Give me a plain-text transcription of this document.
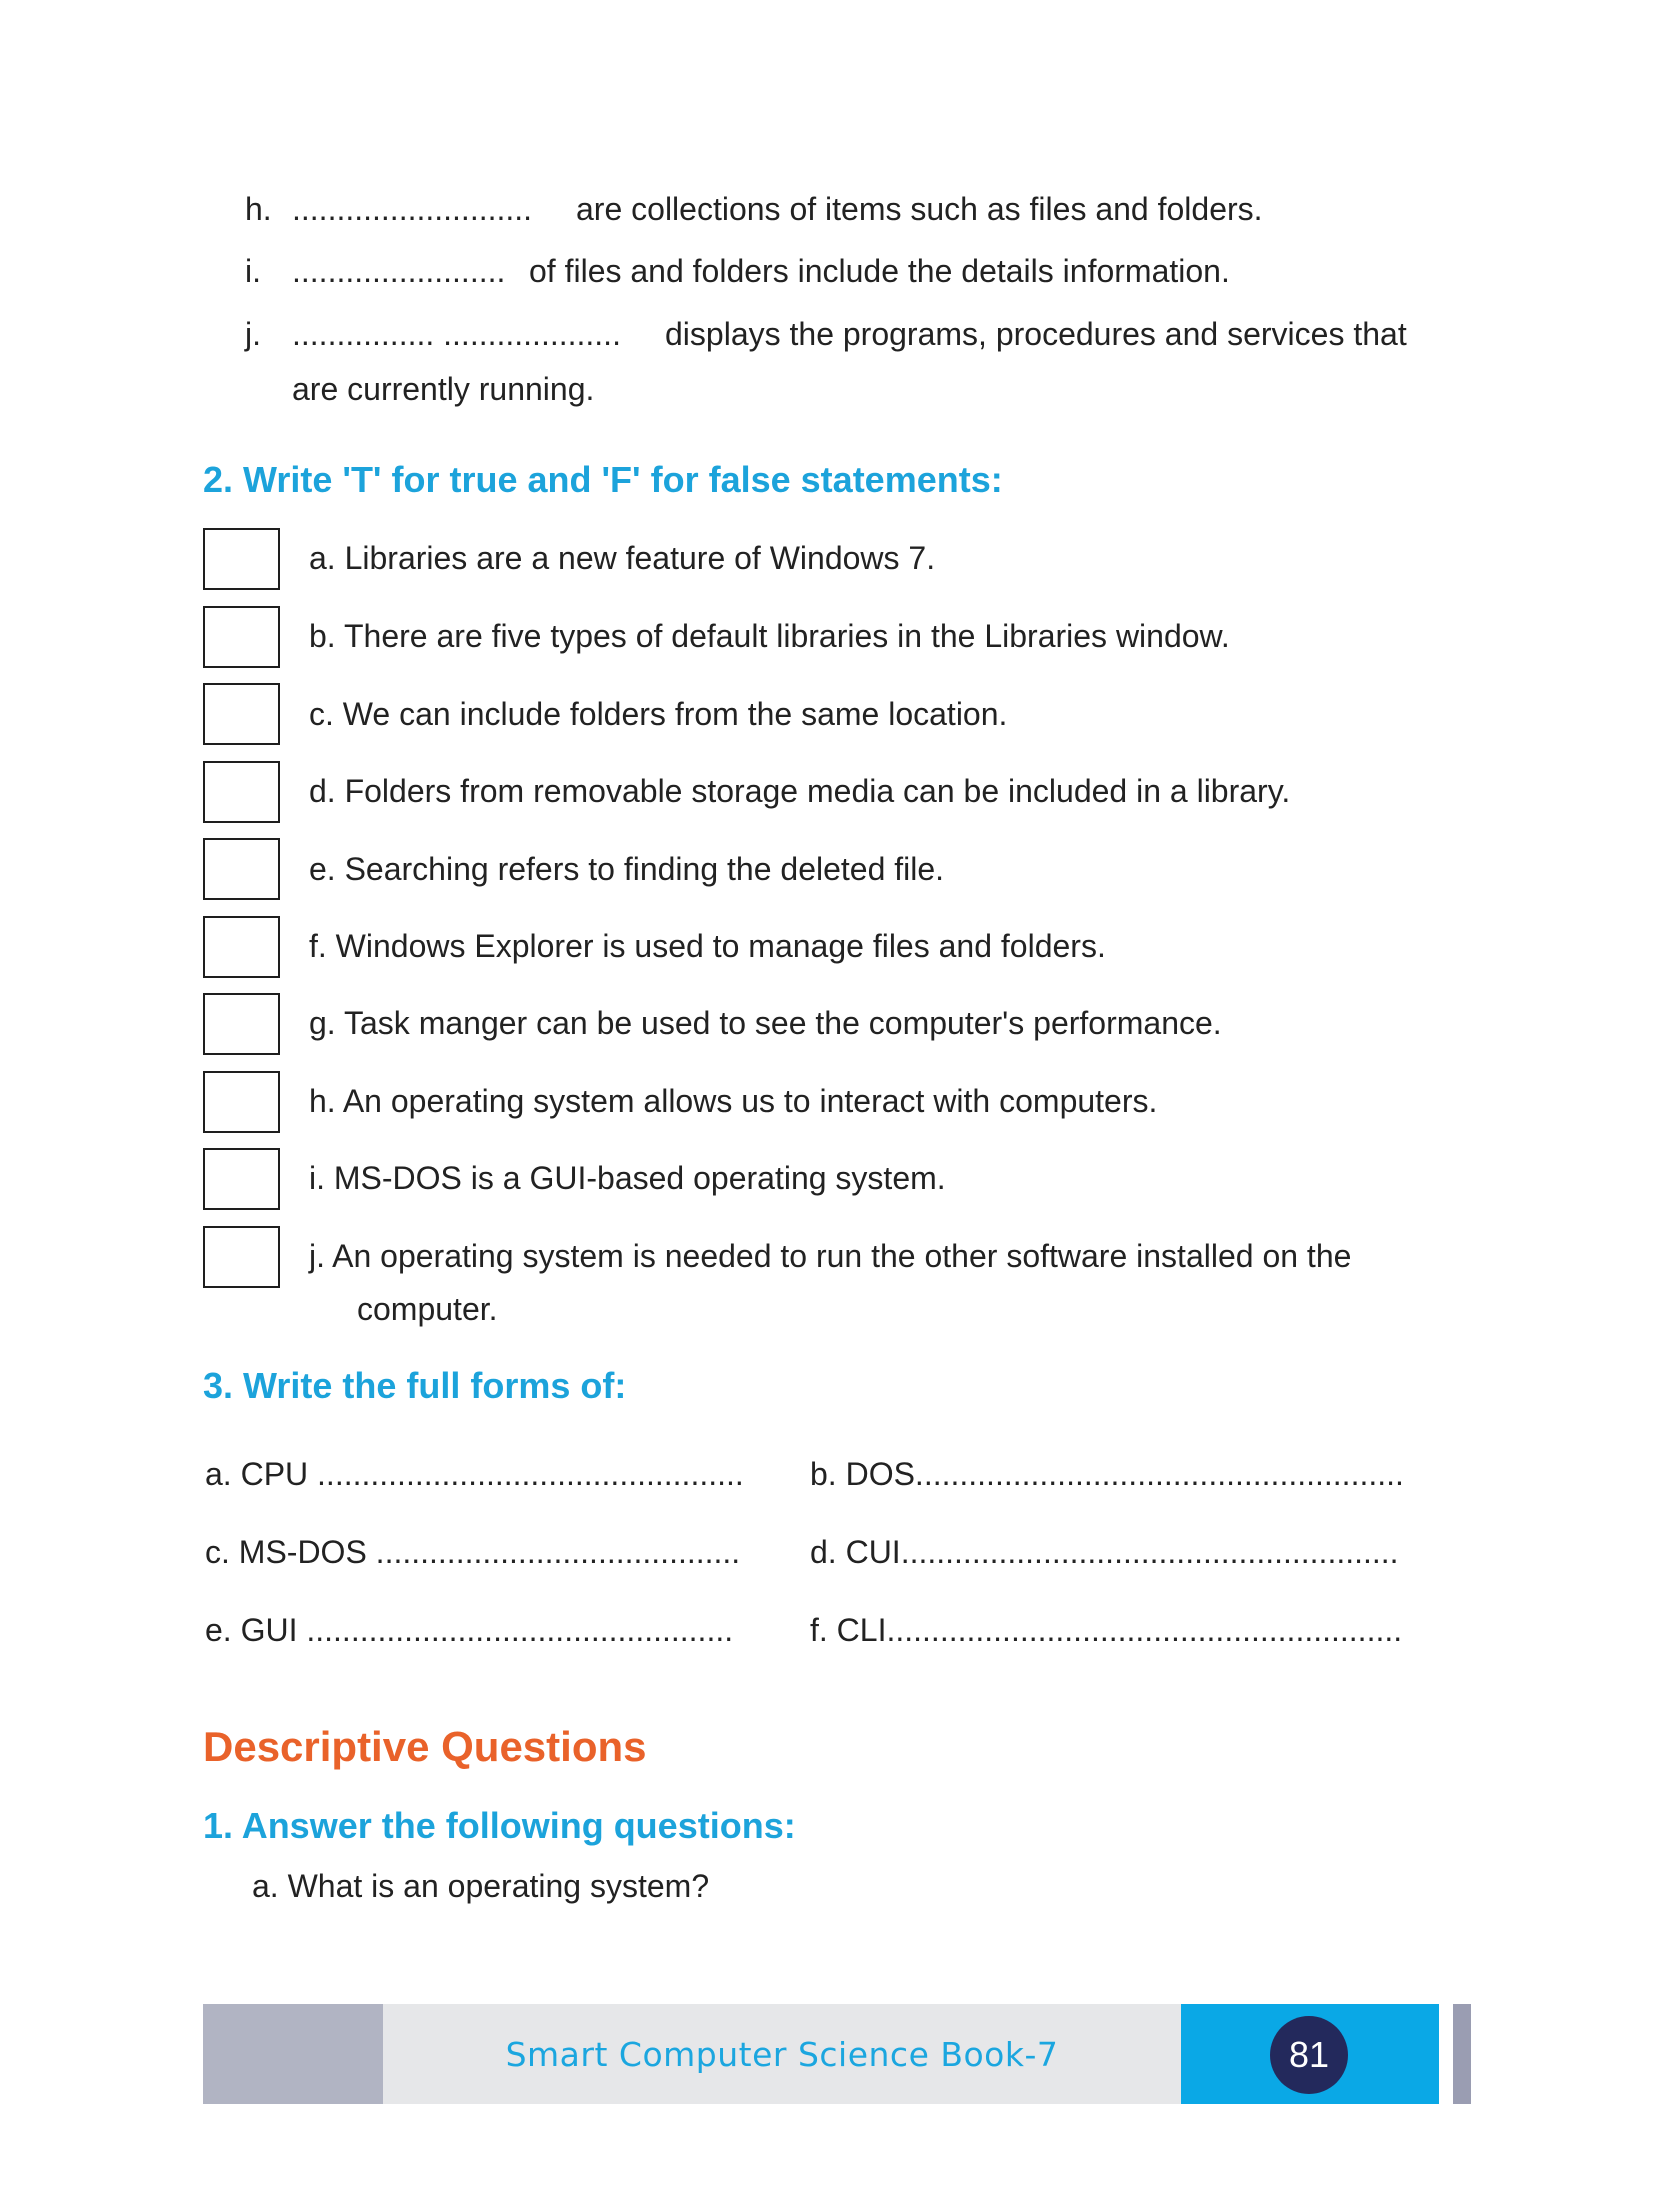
h. ........................... are collections of items such as files and folders.
i. ........................ of files and folders include the details information.
j. ................ .................... displays the programs, procedures and services that
are currently running.
2. Write 'T' for true and 'F' for false statements:
a. Libraries are a new feature of Windows 7.
b. There are five types of default libraries in the Libraries window.
c. We can include folders from the same location.
d. Folders from removable storage media can be included in a library.
e. Searching refers to finding the deleted file.
f. Windows Explorer is used to manage files and folders.
g. Task manger can be used to see the computer's performance.
h. An operating system allows us to interact with computers.
i. MS-DOS is a GUI-based operating system.
j. An operating system is needed to run the other software installed on the
computer.
3. Write the full forms of:
a. CPU ................................................ b. DOS.......................................................
c. MS-DOS ......................................... d. CUI........................................................
e. GUI ................................................ f. CLI..........................................................
Descriptive Questions
1. Answer the following questions:
a. What is an operating system?
Smart Computer Science Book-7	81
